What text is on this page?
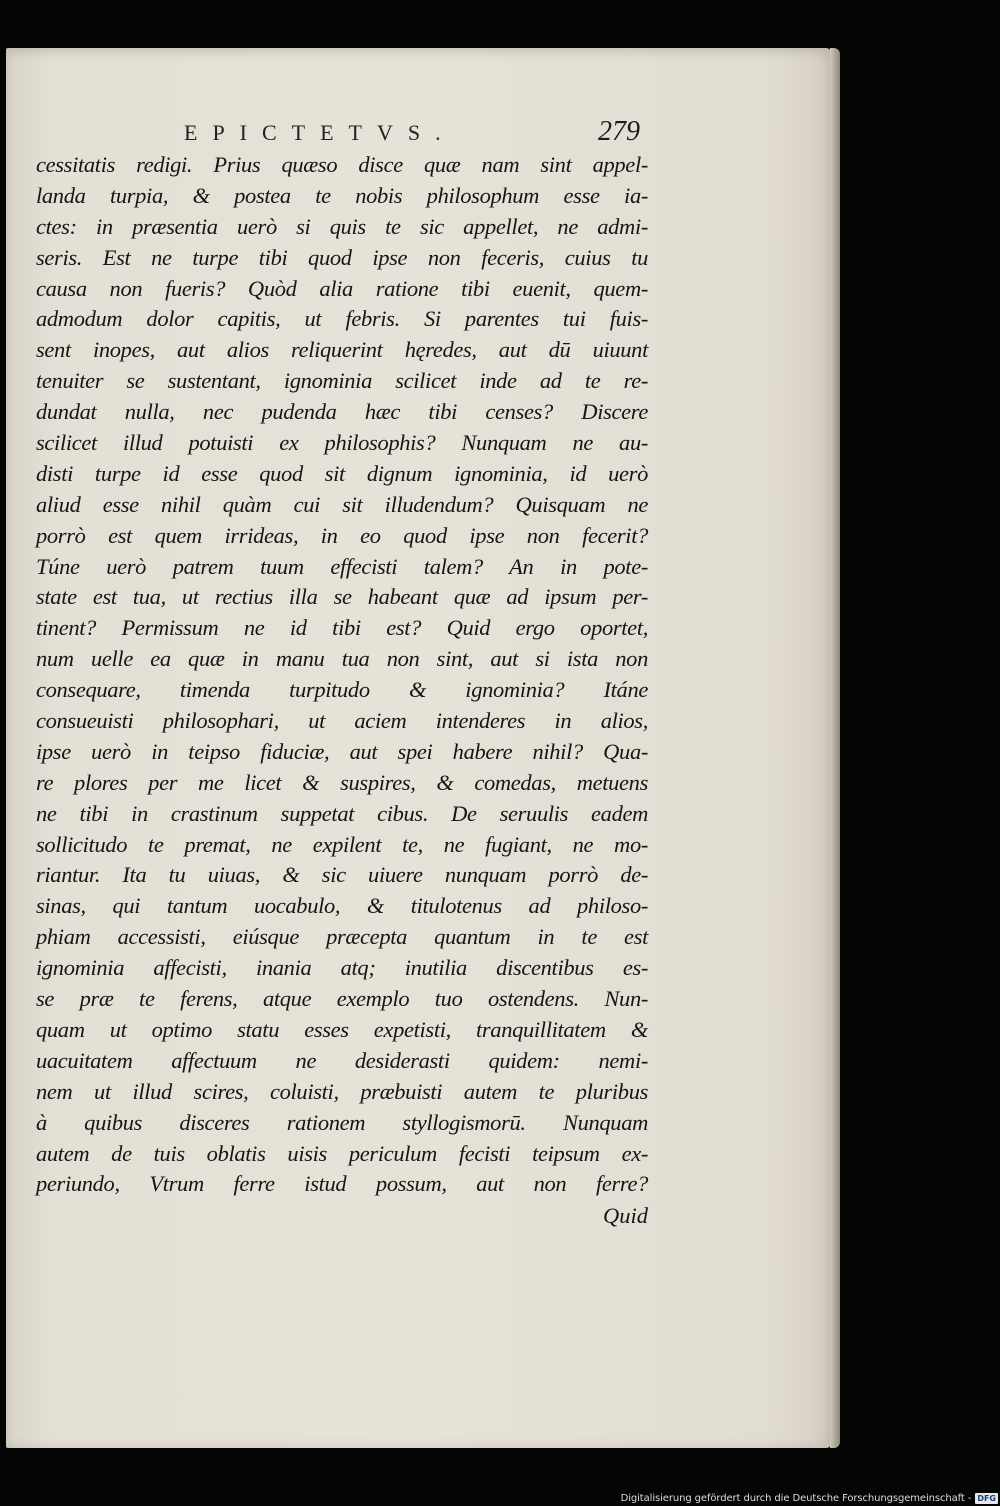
EPICTETVS.	279
cessitatis redigi. Prius quæso disce quæ nam sint appel-
landa turpia, & postea te nobis philosophum esse ia-
ctes: in præsentia uerò si quis te sic appellet, ne admi-
seris. Est ne turpe tibi quod ipse non feceris, cuius tu
causa non fueris? Quòd alia ratione tibi euenit, quem-
admodum dolor capitis, ut febris. Si parentes tui fuis-
sent inopes, aut alios reliquerint hęredes, aut dū uiuunt
tenuiter se sustentant, ignominia scilicet inde ad te re-
dundat nulla, nec pudenda hæc tibi censes? Discere
scilicet illud potuisti ex philosophis? Nunquam ne au-
disti turpe id esse quod sit dignum ignominia, id uerò
aliud esse nihil quàm cui sit illudendum? Quisquam ne
porrò est quem irrideas, in eo quod ipse non fecerit?
Túne uerò patrem tuum effecisti talem? An in pote-
state est tua, ut rectius illa se habeant quæ ad ipsum per-
tinent? Permissum ne id tibi est? Quid ergo oportet,
num uelle ea quæ in manu tua non sint, aut si ista non
consequare, timenda turpitudo & ignominia? Itáne
consueuisti philosophari, ut aciem intenderes in alios,
ipse uerò in teipso fiduciæ, aut spei habere nihil? Qua-
re plores per me licet & suspires, & comedas, metuens
ne tibi in crastinum suppetat cibus. De seruulis eadem
sollicitudo te premat, ne expilent te, ne fugiant, ne mo-
riantur. Ita tu uiuas, & sic uiuere nunquam porrò de-
sinas, qui tantum uocabulo, & titulotenus ad philoso-
phiam accessisti, eiúsque præcepta quantum in te est
ignominia affecisti, inania atq; inutilia discentibus es-
se præ te ferens, atque exemplo tuo ostendens. Nun-
quam ut optimo statu esses expetisti, tranquillitatem &
uacuitatem affectuum ne desiderasti quidem: nemi-
nem ut illud scires, coluisti, præbuisti autem te pluribus
à quibus disceres rationem styllogismorū. Nunquam
autem de tuis oblatis uisis periculum fecisti teipsum ex-
periundo, Vtrum ferre istud possum, aut non ferre?
Quid
Digitalisierung gefördert durch die Deutsche Forschungsgemeinschaft - DFG
